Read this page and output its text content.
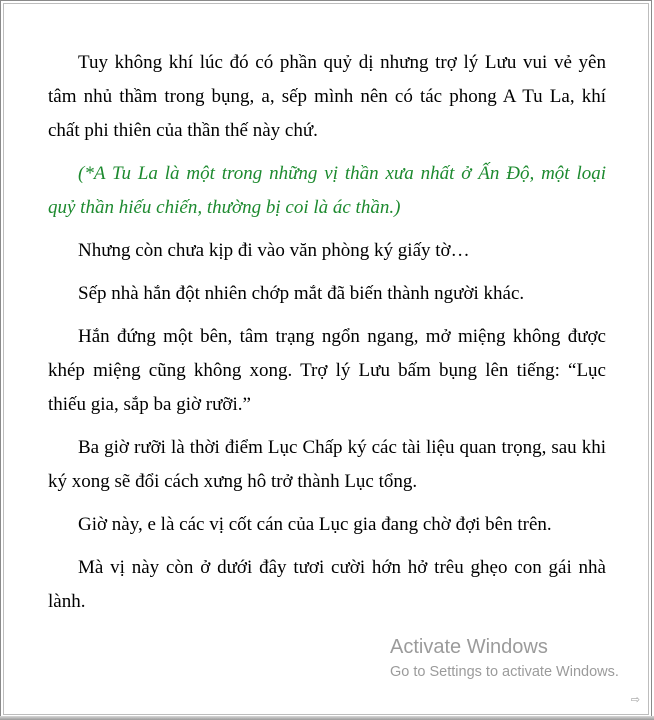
Tuy không khí lúc đó có phần quỷ dị nhưng trợ lý Lưu vui vẻ yên tâm nhủ thầm trong bụng, a, sếp mình nên có tác phong A Tu La, khí chất phi thiên của thần thế này chứ.

(*A Tu La là một trong những vị thần xưa nhất ở Ấn Độ, một loại quỷ thần hiếu chiến, thường bị coi là ác thần.)

Nhưng còn chưa kịp đi vào văn phòng ký giấy tờ…

Sếp nhà hắn đột nhiên chớp mắt đã biến thành người khác.

Hắn đứng một bên, tâm trạng ngổn ngang, mở miệng không được khép miệng cũng không xong. Trợ lý Lưu bấm bụng lên tiếng: “Lục thiếu gia, sắp ba giờ rưỡi.”

Ba giờ rưỡi là thời điểm Lục Chấp ký các tài liệu quan trọng, sau khi ký xong sẽ đổi cách xưng hô trở thành Lục tổng.

Giờ này, e là các vị cốt cán của Lục gia đang chờ đợi bên trên.

Mà vị này còn ở dưới đây tươi cười hớn hở trêu ghẹo con gái nhà lành.

Activate Windows
Go to Settings to activate Windows.
⇨
